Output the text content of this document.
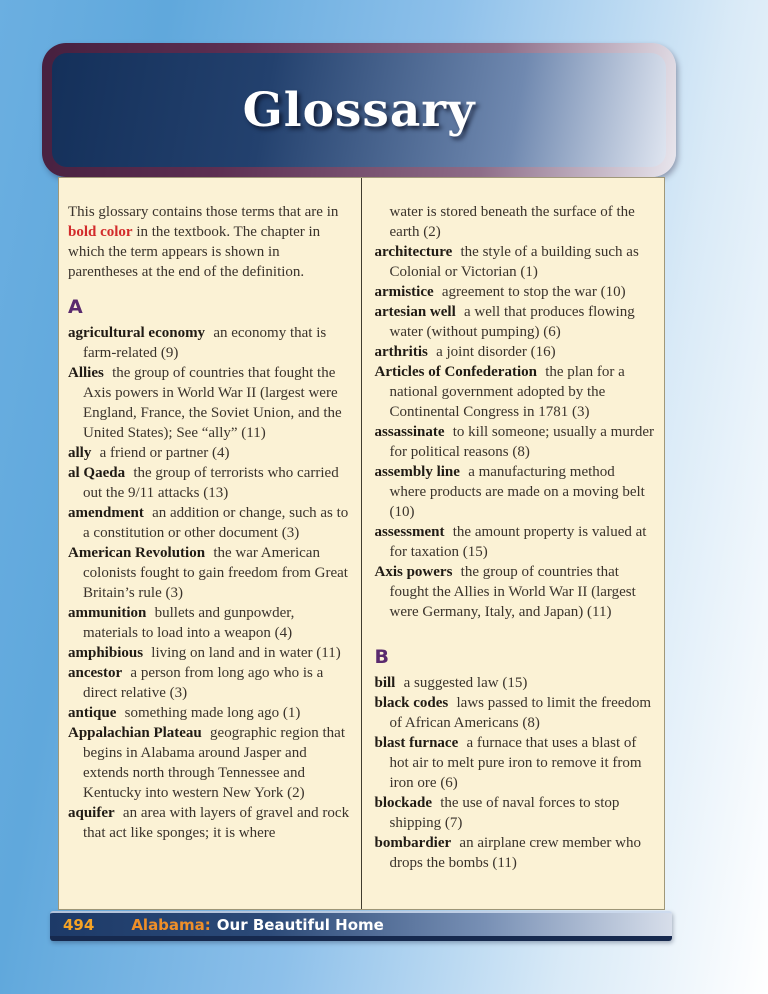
Glossary

This glossary contains those terms that are in bold color in the textbook. The chapter in which the term appears is shown in parentheses at the end of the definition.

A

agricultural economy an economy that is farm-related (9)

Allies the group of countries that fought the Axis powers in World War II (largest were England, France, the Soviet Union, and the United States); See “ally” (11)

ally a friend or partner (4)

al Qaeda the group of terrorists who carried out the 9/11 attacks (13)

amendment an addition or change, such as to a constitution or other document (3)

American Revolution the war American colonists fought to gain freedom from Great Britain’s rule (3)

ammunition bullets and gunpowder, materials to load into a weapon (4)

amphibious living on land and in water (11)

ancestor a person from long ago who is a direct relative (3)

antique something made long ago (1)

Appalachian Plateau geographic region that begins in Alabama around Jasper and extends north through Tennessee and Kentucky into western New York (2)

aquifer an area with layers of gravel and rock that act like sponges; it is where

water is stored beneath the surface of the earth (2)

architecture the style of a building such as Colonial or Victorian (1)

armistice agreement to stop the war (10)

artesian well a well that produces flowing water (without pumping) (6)

arthritis a joint disorder (16)

Articles of Confederation the plan for a national government adopted by the Continental Congress in 1781 (3)

assassinate to kill someone; usually a murder for political reasons (8)

assembly line a manufacturing method where products are made on a moving belt (10)

assessment the amount property is valued at for taxation (15)

Axis powers the group of countries that fought the Allies in World War II (largest were Germany, Italy, and Japan) (11)

B

bill a suggested law (15)

black codes laws passed to limit the freedom of African Americans (8)

blast furnace a furnace that uses a blast of hot air to melt pure iron to remove it from iron ore (6)

blockade the use of naval forces to stop shipping (7)

bombardier an airplane crew member who drops the bombs (11)

494 Alabama: Our Beautiful Home
